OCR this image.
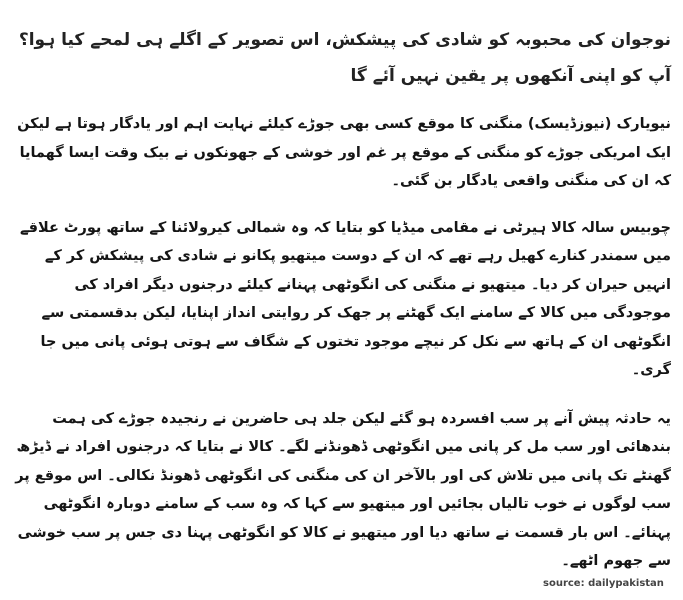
نوجوان کی محبوبہ کو شادی کی پیشکش، اس تصویر کے اگلے ہی لمحے کیا ہوا؟ آپ کو اپنی آنکھوں پر یقین نہیں آئے گا

نیویارک (نیوزڈیسک) منگنی کا موقع کسی بھی جوڑے کیلئے نہایت اہم اور یادگار ہوتا ہے لیکن ایک امریکی جوڑے کو منگنی کے موقع پر غم اور خوشی کے جھونکوں نے بیک وقت ایسا گھمایا کہ ان کی منگنی واقعی یادگار بن گئی۔

چوبیس سالہ کالا ہیرٹی نے مقامی میڈیا کو بتایا کہ وہ شمالی کیرولائنا کے ساتھ پورٹ علاقے میں سمندر کنارے کھیل رہے تھے کہ ان کے دوست میتھیو پکانو نے شادی کی پیشکش کر کے انہیں حیران کر دیا۔ میتھیو نے منگنی کی انگوٹھی پہنانے کیلئے درجنوں دیگر افراد کی موجودگی میں کالا کے سامنے ایک گھٹنے پر جھک کر روایتی انداز اپنایا، لیکن بدقسمتی سے انگوٹھی ان کے ہاتھ سے نکل کر نیچے موجود تختوں کے شگاف سے ہوتی ہوئی پانی میں جا گری۔

یہ حادثہ پیش آنے پر سب افسردہ ہو گئے لیکن جلد ہی حاضرین نے رنجیدہ جوڑے کی ہمت بندھائی اور سب مل کر پانی میں انگوٹھی ڈھونڈنے لگے۔ کالا نے بتایا کہ درجنوں افراد نے ڈیڑھ گھنٹے تک پانی میں تلاش کی اور بالآخر ان کی منگنی کی انگوٹھی ڈھونڈ نکالی۔ اس موقع پر سب لوگوں نے خوب تالیاں بجائیں اور میتھیو سے کہا کہ وہ سب کے سامنے دوبارہ انگوٹھی پہنائے۔ اس بار قسمت نے ساتھ دیا اور میتھیو نے کالا کو انگوٹھی پہنا دی جس پر سب خوشی سے جھوم اٹھے۔

source: dailypakistan
